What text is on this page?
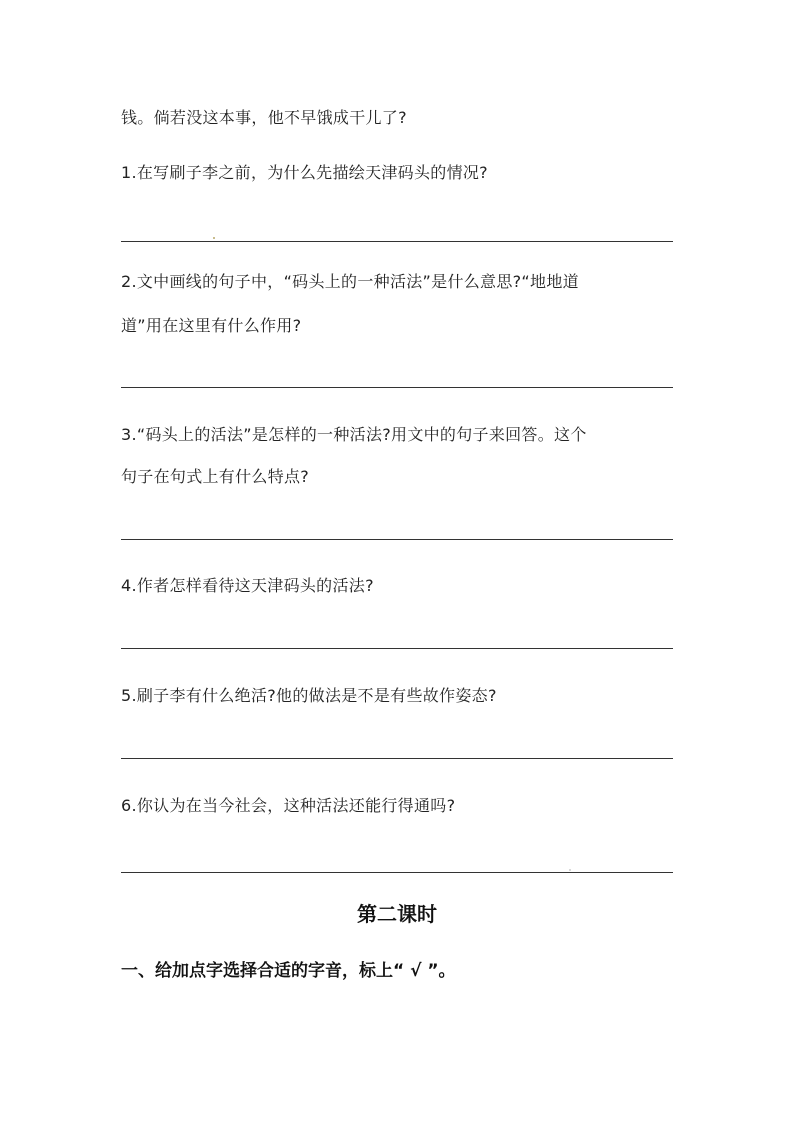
钱。倘若没这本事，他不早饿成干儿了?
1.在写刷子李之前，为什么先描绘天津码头的情况?
2.文中画线的句子中，“码头上的一种活法”是什么意思?“地地道
道”用在这里有什么作用?
3.“码头上的活法”是怎样的一种活法?用文中的句子来回答。这个
句子在句式上有什么特点?
4.作者怎样看待这天津码头的活法?
5.刷子李有什么绝活?他的做法是不是有些故作姿态?
6.你认为在当今社会，这种活法还能行得通吗?
第二课时
一、给加点字选择合适的字音，标上“ √ ”。
